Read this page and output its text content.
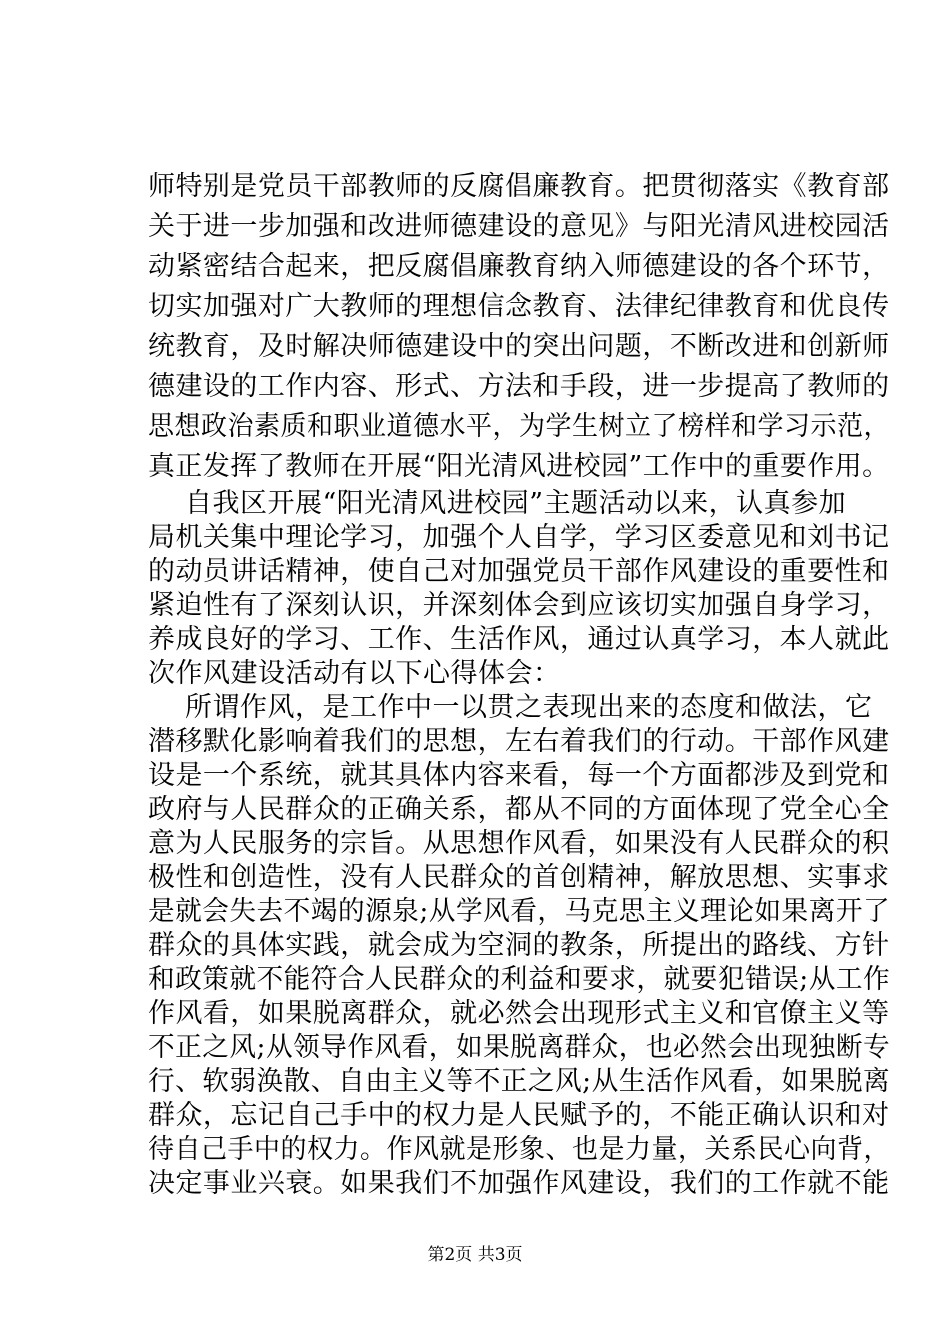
师特别是党员干部教师的反腐倡廉教育。把贯彻落实《教育部
关于进一步加强和改进师德建设的意见》与阳光清风进校园活
动紧密结合起来，把反腐倡廉教育纳入师德建设的各个环节，
切实加强对广大教师的理想信念教育、法律纪律教育和优良传
统教育，及时解决师德建设中的突出问题，不断改进和创新师
德建设的工作内容、形式、方法和手段，进一步提高了教师的
思想政治素质和职业道德水平，为学生树立了榜样和学习示范，
真正发挥了教师在开展“阳光清风进校园”工作中的重要作用。
自我区开展“阳光清风进校园”主题活动以来，认真参加
局机关集中理论学习，加强个人自学，学习区委意见和刘书记
的动员讲话精神，使自己对加强党员干部作风建设的重要性和
紧迫性有了深刻认识，并深刻体会到应该切实加强自身学习，
养成良好的学习、工作、生活作风，通过认真学习，本人就此
次作风建设活动有以下心得体会：
所谓作风，是工作中一以贯之表现出来的态度和做法，它
潜移默化影响着我们的思想，左右着我们的行动。干部作风建
设是一个系统，就其具体内容来看，每一个方面都涉及到党和
政府与人民群众的正确关系，都从不同的方面体现了党全心全
意为人民服务的宗旨。从思想作风看，如果没有人民群众的积
极性和创造性，没有人民群众的首创精神，解放思想、实事求
是就会失去不竭的源泉;从学风看，马克思主义理论如果离开了
群众的具体实践，就会成为空洞的教条，所提出的路线、方针
和政策就不能符合人民群众的利益和要求，就要犯错误;从工作
作风看，如果脱离群众，就必然会出现形式主义和官僚主义等
不正之风;从领导作风看，如果脱离群众，也必然会出现独断专
行、软弱涣散、自由主义等不正之风;从生活作风看，如果脱离
群众，忘记自己手中的权力是人民赋予的，不能正确认识和对
待自己手中的权力。作风就是形象、也是力量，关系民心向背，
决定事业兴衰。如果我们不加强作风建设，我们的工作就不能
第2页 共3页
